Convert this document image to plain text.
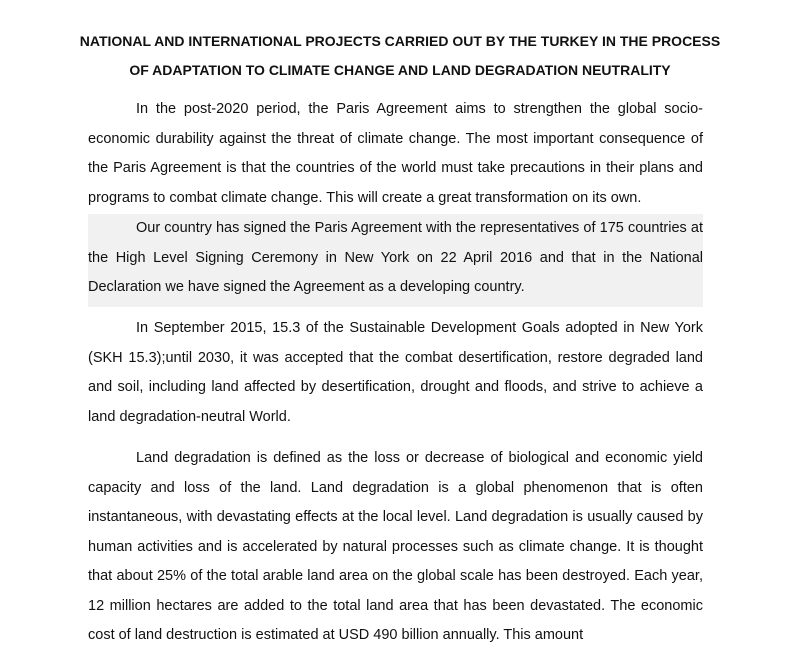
NATIONAL AND INTERNATIONAL PROJECTS CARRIED OUT BY THE TURKEY IN THE PROCESS
OF ADAPTATION TO CLIMATE CHANGE AND LAND DEGRADATION NEUTRALITY

In the post-2020 period, the Paris Agreement aims to strengthen the global socio-economic durability against the threat of climate change. The most important consequence of the Paris Agreement is that the countries of the world must take precautions in their plans and programs to combat climate change. This will create a great transformation on its own.

Our country has signed the Paris Agreement with the representatives of 175 countries at the High Level Signing Ceremony in New York on 22 April 2016 and that in the National Declaration we have signed the Agreement as a developing country.

In September 2015, 15.3 of the Sustainable Development Goals adopted in New York (SKH 15.3);until 2030, it was accepted that the combat desertification, restore degraded land and soil, including land affected by desertification, drought and floods, and strive to achieve a land degradation-neutral World.

Land degradation is defined as the loss or decrease of biological and economic yield capacity and loss of the land. Land degradation is a global phenomenon that is often instantaneous, with devastating effects at the local level. Land degradation is usually caused by human activities and is accelerated by natural processes such as climate change. It is thought that about 25% of the total arable land area on the global scale has been destroyed. Each year, 12 million hectares are added to the total land area that has been devastated. The economic cost of land destruction is estimated at USD 490 billion annually. This amount
